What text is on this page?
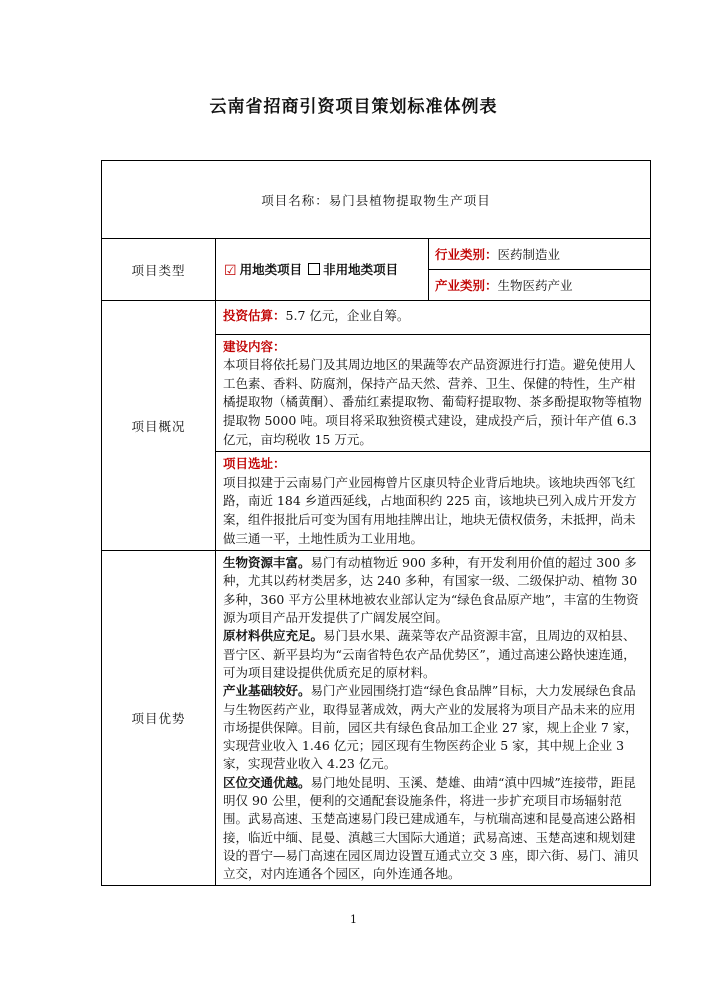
云南省招商引资项目策划标准体例表
项目名称：易门县植物提取物生产项目		
项目类型	☑ 用地类项目 非用地类项目	行业类别：医药制造业
		产业类别：生物医药产业
项目概况	投资估算：5.7 亿元，企业自筹。	

	建设内容：
本项目将依托易门及其周边地区的果蔬等农产品资源进行打造。避免使用人工色素、香料、防腐剂，保持产品天然、营养、卫生、保健的特性，生产柑橘提取物（橘黄酮）、番茄红素提取物、葡萄籽提取物、茶多酚提取物等植物提取物 5000 吨。项目将采取独资模式建设，建成投产后，预计年产值 6.3 亿元，亩均税收 15 万元。	

	项目选址：
项目拟建于云南易门产业园梅曾片区康贝特企业背后地块。该地块西邻飞红路，南近 184 乡道西延线，占地面积约 225 亩，该地块已列入成片开发方案，组件报批后可变为国有用地挂牌出让，地块无债权债务，未抵押，尚未做三通一平，土地性质为工业用地。	

项目优势	生物资源丰富。易门有动植物近 900 多种，有开发利用价值的超过 300 多种，尤其以药材类居多，达 240 多种，有国家一级、二级保护动、植物 30 多种，360 平方公里林地被农业部认定为“绿色食品原产地”，丰富的生物资源为项目产品开发提供了广阔发展空间。
原材料供应充足。易门县水果、蔬菜等农产品资源丰富，且周边的双柏县、晋宁区、新平县均为“云南省特色农产品优势区”，通过高速公路快速连通，可为项目建设提供优质充足的原材料。
产业基础较好。易门产业园围绕打造“绿色食品牌”目标，大力发展绿色食品与生物医药产业，取得显著成效，两大产业的发展将为项目产品未来的应用市场提供保障。目前，园区共有绿色食品加工企业 27 家，规上企业 7 家，实现营业收入 1.46 亿元；园区现有生物医药企业 5 家，其中规上企业 3 家，实现营业收入 4.23 亿元。
区位交通优越。易门地处昆明、玉溪、楚雄、曲靖“滇中四城”连接带，距昆明仅 90 公里，便利的交通配套设施条件，将进一步扩充项目市场辐射范围。武易高速、玉楚高速易门段已建成通车，与杭瑞高速和昆曼高速公路相接，临近中缅、昆曼、滇越三大国际大通道；武易高速、玉楚高速和规划建设的晋宁—易门高速在园区周边设置互通式立交 3 座，即六街、易门、浦贝立交，对内连通各个园区，向外连通各地。	
1
